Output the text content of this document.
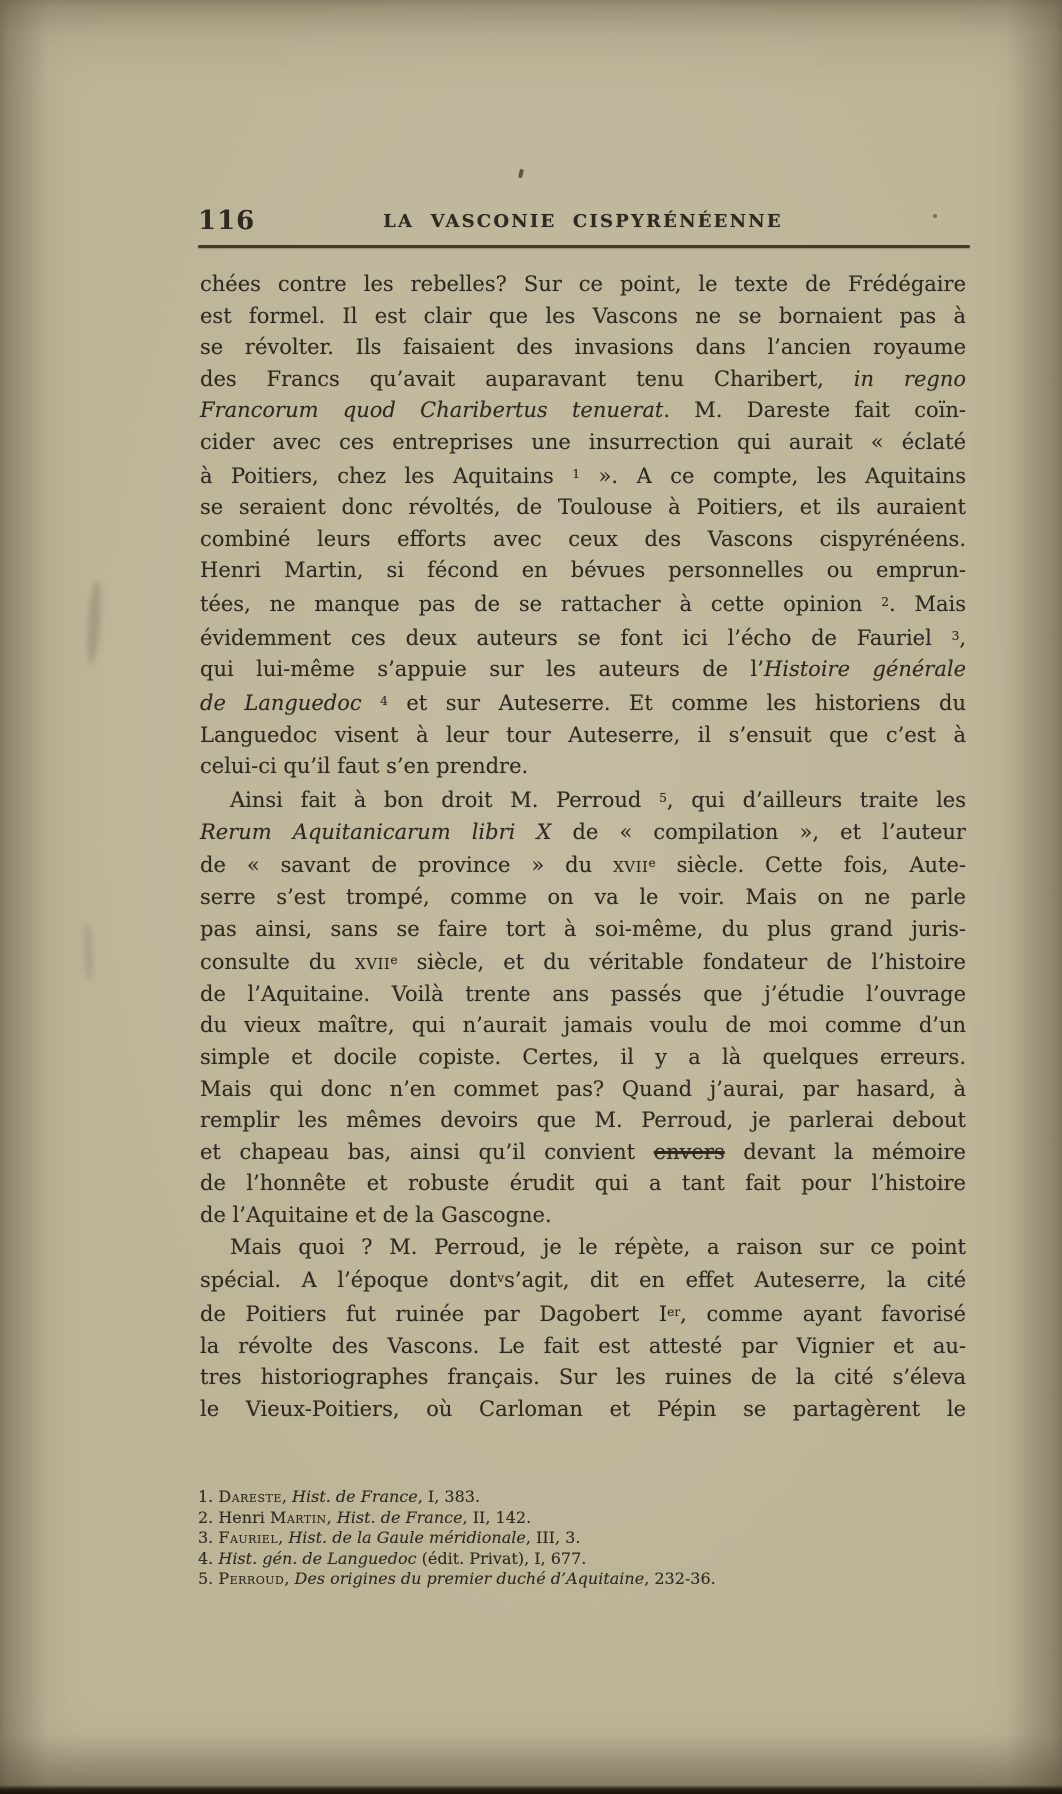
116	LA VASCONIE CISPYRÉNÉENNE
chées contre les rebelles? Sur ce point, le texte de Frédégaire
est formel. Il est clair que les Vascons ne se bornaient pas à
se révolter. Ils faisaient des invasions dans l’ancien royaume
des Francs qu’avait auparavant tenu Charibert, in regno
Francorum quod Charibertus tenuerat. M. Dareste fait coïn-
cider avec ces entreprises une insurrection qui aurait « éclaté
à Poitiers, chez les Aquitains $^1$ ». A ce compte, les Aquitains
se seraient donc révoltés, de Toulouse à Poitiers, et ils auraient
combiné leurs efforts avec ceux des Vascons cispyrénéens.
Henri Martin, si fécond en bévues personnelles ou emprun-
tées, ne manque pas de se rattacher à cette opinion $^2$. Mais
évidemment ces deux auteurs se font ici l’écho de Fauriel $^3$,
qui lui-même s’appuie sur les auteurs de l’Histoire générale
de Languedoc $^4$ et sur Auteserre. Et comme les historiens du
Languedoc visent à leur tour Auteserre, il s’ensuit que c’est à
celui-ci qu’il faut s’en prendre.
Ainsi fait à bon droit M. Perroud $^5$, qui d’ailleurs traite les
Rerum Aquitanicarum libri X de « compilation », et l’auteur
de « savant de province » du xvii$^e$ siècle. Cette fois, Aute-
serre s’est trompé, comme on va le voir. Mais on ne parle
pas ainsi, sans se faire tort à soi-même, du plus grand juris-
consulte du xvii$^e$ siècle, et du véritable fondateur de l’histoire
de l’Aquitaine. Voilà trente ans passés que j’étudie l’ouvrage
du vieux maître, qui n’aurait jamais voulu de moi comme d’un
simple et docile copiste. Certes, il y a là quelques erreurs.
Mais qui donc n’en commet pas? Quand j’aurai, par hasard, à
remplir les mêmes devoirs que M. Perroud, je parlerai debout
et chapeau bas, ainsi qu’il convient envers devant la mémoire
de l’honnête et robuste érudit qui a tant fait pour l’histoire
de l’Aquitaine et de la Gascogne.
Mais quoi ? M. Perroud, je le répète, a raison sur ce point
spécial. A l’époque dont$^v$s’agit, dit en effet Auteserre, la cité
de Poitiers fut ruinée par Dagobert Ier, comme ayant favorisé
la révolte des Vascons. Le fait est attesté par Vignier et au-
tres historiographes français. Sur les ruines de la cité s’éleva
le Vieux-Poitiers, où Carloman et Pépin se partagèrent le
1. Dareste, Hist. de France, I, 383.
2. Henri Martin, Hist. de France, II, 142.
3. Fauriel, Hist. de la Gaule méridionale, III, 3.
4. Hist. gén. de Languedoc (édit. Privat), I, 677.
5. Perroud, Des origines du premier duché d’Aquitaine, 232-36.
